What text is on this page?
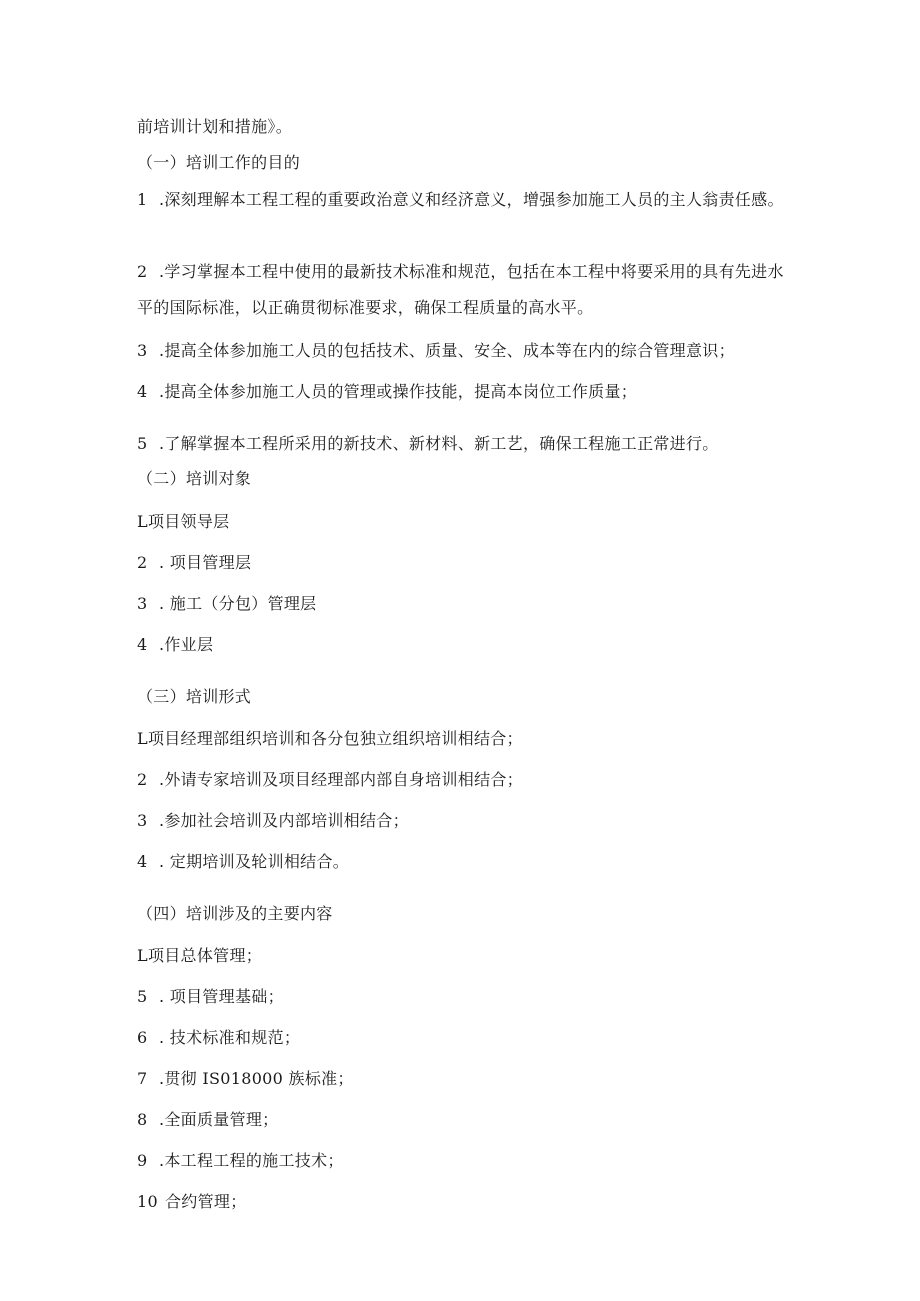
前培训计划和措施》。
（一）培训工作的目的
1 .深刻理解本工程工程的重要政治意义和经济意义，增强参加施工人员的主人翁责任感。
2 .学习掌握本工程中使用的最新技术标准和规范，包括在本工程中将要采用的具有先进水平的国际标准，以正确贯彻标准要求，确保工程质量的高水平。
3 .提高全体参加施工人员的包括技术、质量、安全、成本等在内的综合管理意识；
4 .提高全体参加施工人员的管理或操作技能，提高本岗位工作质量；
5 .了解掌握本工程所采用的新技术、新材料、新工艺，确保工程施工正常进行。
（二）培训对象
L项目领导层
2 . 项目管理层
3 . 施工（分包）管理层
4 .作业层
（三）培训形式
L项目经理部组织培训和各分包独立组织培训相结合；
2 .外请专家培训及项目经理部内部自身培训相结合；
3 .参加社会培训及内部培训相结合；
4 . 定期培训及轮训相结合。
（四）培训涉及的主要内容
L项目总体管理；
5 . 项目管理基础；
6 . 技术标准和规范；
7 .贯彻 IS018000 族标准；
8 .全面质量管理；
9 .本工程工程的施工技术；
10 合约管理；
